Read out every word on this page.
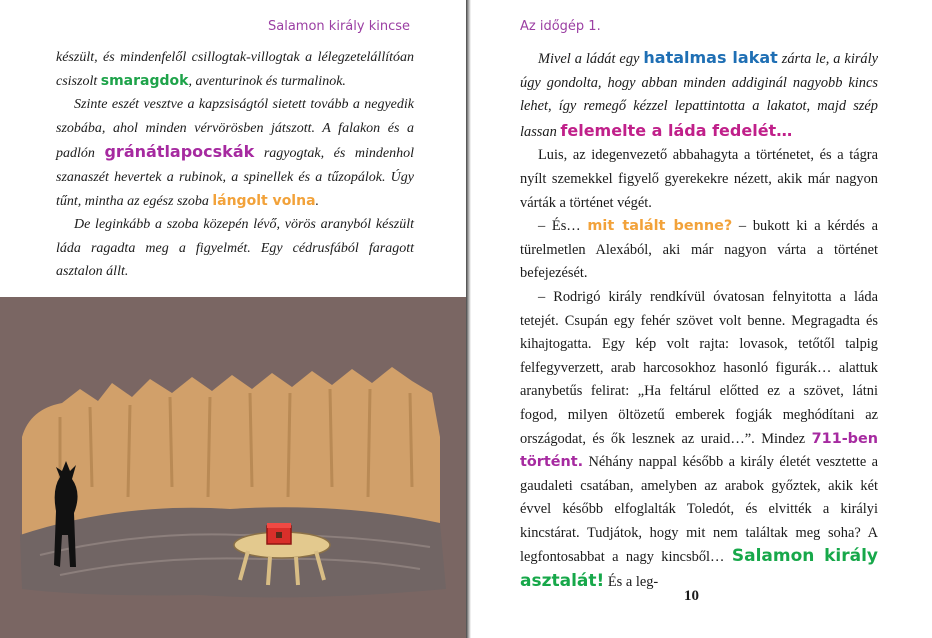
Salamon király kincse

készült, és mindenfelől csillogtak-villogtak a lélegzetelállítóan csiszolt smaragdok, aventurinok és turmalinok.

Szinte eszét vesztve a kapzsiságtól sietett tovább a negyedik szobába, ahol minden vérvörösben játszott. A falakon és a padlón gránátlapocskák ragyogtak, és mindenhol szanaszét hevertek a rubinok, a spinellek és a tűzopálok. Úgy tűnt, mintha az egész szoba lángolt volna.

De leginkább a szoba közepén lévő, vörös aranyból készült láda ragadta meg a figyelmét. Egy cédrusfából faragott asztalon állt.

Az időgép 1.

Mivel a ládát egy hatalmas lakat zárta le, a király úgy gondolta, hogy abban minden addiginál nagyobb kincs lehet, így remegő kézzel lepattintotta a lakatot, majd szép lassan felemelte a láda fedelét…

Luis, az idegenvezető abbahagyta a történetet, és a tágra nyílt szemekkel figyelő gyerekekre nézett, akik már nagyon várták a történet végét.

– És… mit talált benne? – bukott ki a kérdés a türelmetlen Alexából, aki már nagyon várta a történet befejezését.

– Rodrigó király rendkívül óvatosan felnyitotta a láda tetejét. Csupán egy fehér szövet volt benne. Megragadta és kihajtogatta. Egy kép volt rajta: lovasok, tetőtől talpig felfegyverzett, arab harcosokhoz hasonló figurák… alattuk aranybetűs felirat: „Ha feltárul előtted ez a szövet, látni fogod, milyen öltözetű emberek fogják meghódítani az országodat, és ők lesznek az uraid…”. Mindez 711-ben történt. Néhány nappal később a király életét vesztette a gaudaleti csatában, amelyben az arabok győztek, akik két évvel később elfoglalták Toledót, és elvitték a királyi kincstárat. Tudjátok, hogy mit nem találtak meg soha? A legfontosabbat a nagy kincsből… Salamon király asztalát! És a leg-

10
